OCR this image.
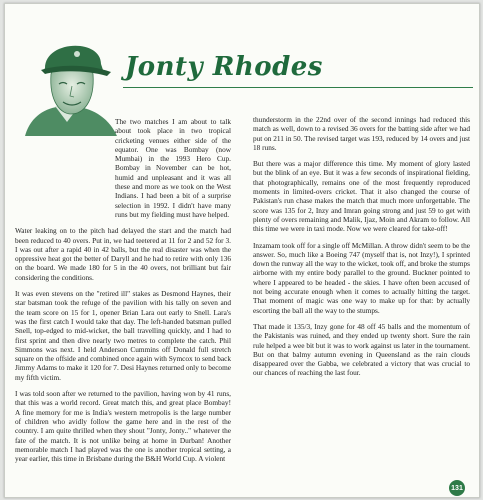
Jonty Rhodes

The two matches I am about to talk about took place in two tropical cricketing venues either side of the equator. One was Bombay (now Mumbai) in the 1993 Hero Cup. Bombay in November can be hot, humid and unpleasant and it was all these and more as we took on the West Indians. I had been a bit of a surprise selection in 1992. I didn't have many runs but my fielding must have helped.

Water leaking on to the pitch had delayed the start and the match had been reduced to 40 overs. Put in, we had teetered at 11 for 2 and 52 for 3. I was out after a rapid 40 in 42 balls, but the real disaster was when the oppressive heat got the better of Daryll and he had to retire with only 136 on the board. We made 180 for 5 in the 40 overs, not brilliant but fair considering the conditions.

It was even stevens on the "retired ill" stakes as Desmond Haynes, their star batsman took the refuge of the pavilion with his tally on seven and the team score on 15 for 1, opener Brian Lara out early to Snell. Lara's was the first catch I would take that day. The left-handed batsman pulled Snell, top-edged to mid-wicket, the ball travelling quickly, and I had to first sprint and then dive nearly two metres to complete the catch. Phil Simmons was next. I held Anderson Cummins off Donald full stretch square on the offside and combined once again with Symcox to send back Jimmy Adams to make it 120 for 7. Desi Haynes returned only to become my fifth victim.

I was told soon after we returned to the pavilion, having won by 41 runs, that this was a world record. Great match this, and great place Bombay! A fine memory for me is India's western metropolis is the large number of children who avidly follow the game here and in the rest of the country. I am quite thrilled when they shout "Jonty, Jonty.." whatever the fate of the match. It is not unlike being at home in Durban! Another memorable match I had played was the one is another tropical setting, a year earlier, this time in Brisbane during the B&H World Cup. A violent

thunderstorm in the 22nd over of the second innings had reduced this match as well, down to a revised 36 overs for the batting side after we had put on 211 in 50. The revised target was 193, reduced by 14 overs and just 18 runs.

But there was a major difference this time. My moment of glory lasted but the blink of an eye. But it was a few seconds of inspirational fielding, that photographically, remains one of the most frequently reproduced moments in limited-overs cricket. That it also changed the course of Pakistan's run chase makes the match that much more unforgettable. The score was 135 for 2, Inzy and Imran going strong and just 59 to get with plenty of overs remaining and Malik, Ijaz, Moin and Akram to follow. All this time we were in taxi mode. Now we were cleared for take-off!

Inzamam took off for a single off McMillan. A throw didn't seem to be the answer. So, much like a Boeing 747 (myself that is, not Inzy!), I sprinted down the runway all the way to the wicket, took off, and broke the stumps airborne with my entire body parallel to the ground. Buckner pointed to where I appeared to be headed - the skies. I have often been accused of not being accurate enough when it comes to actually hitting the target. That moment of magic was one way to make up for that: by actually escorting the ball all the way to the stumps.

That made it 135/3, Inzy gone for 48 off 45 balls and the momentum of the Pakistanis was ruined, and they ended up twenty short. Sure the rain rule helped a wee bit but it was to work against us later in the tournament. But on that balmy autumn evening in Queensland as the rain clouds disappeared over the Gabba, we celebrated a victory that was crucial to our chances of reaching the last four.

131
